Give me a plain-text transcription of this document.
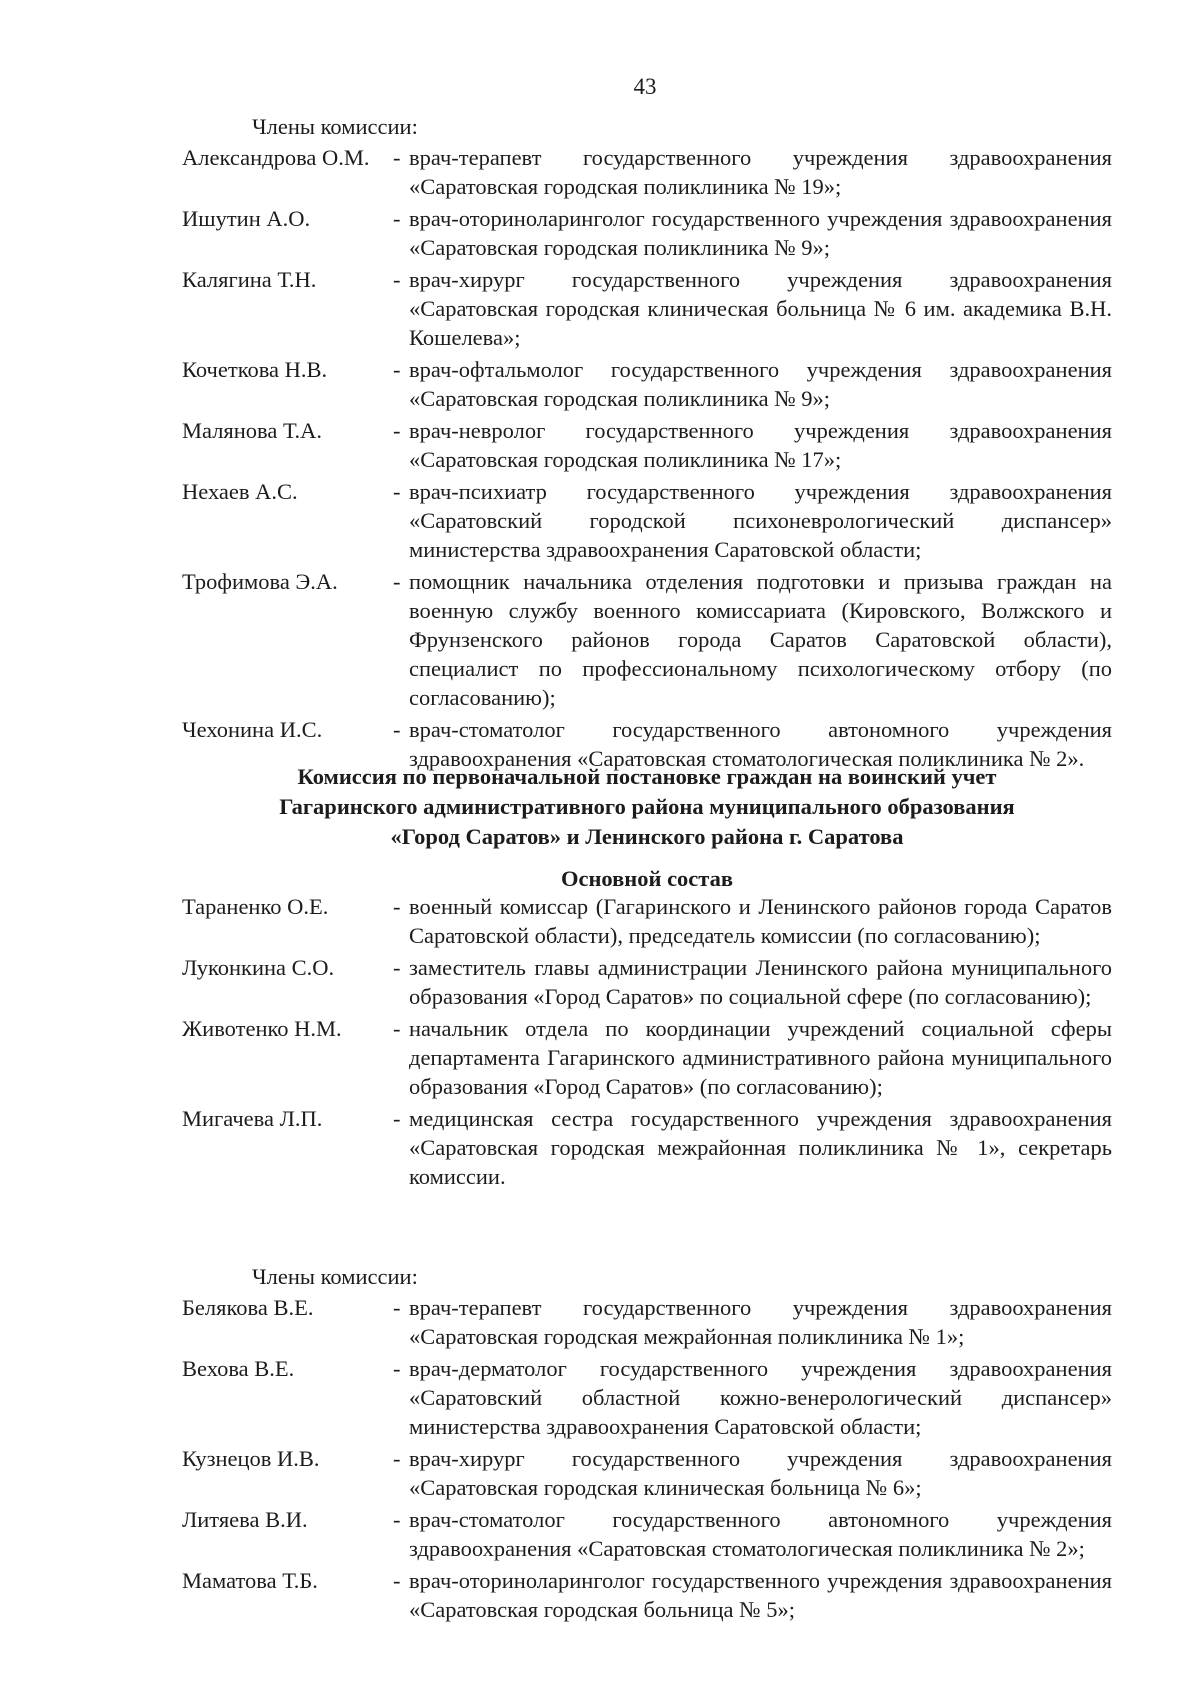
43
Члены комиссии:
Александрова О.М.	- врач-терапевт государственного учреждения здравоохранения «Саратовская городская поликлиника № 19»;
Ишутин А.О.	- врач-оториноларинголог государственного учреждения здравоохранения «Саратовская городская поликлиника № 9»;
Калягина Т.Н.	- врач-хирург государственного учреждения здравоохранения «Саратовская городская клиническая больница № 6 им. академика В.Н. Кошелева»;
Кочеткова Н.В.	- врач-офтальмолог государственного учреждения здравоохранения «Саратовская городская поликлиника № 9»;
Малянова Т.А.	- врач-невролог государственного учреждения здравоохранения «Саратовская городская поликлиника № 17»;
Нехаев А.С.	- врач-психиатр государственного учреждения здравоохранения «Саратовский городской психоневрологический диспансер» министерства здравоохранения Саратовской области;
Трофимова Э.А.	- помощник начальника отделения подготовки и призыва граждан на военную службу военного комиссариата (Кировского, Волжского и Фрунзенского районов города Саратов Саратовской области), специалист по профессиональному психологическому отбору (по согласованию);
Чехонина И.С.	- врач-стоматолог государственного автономного учреждения здравоохранения «Саратовская стоматологическая поликлиника № 2».
Комиссия по первоначальной постановке граждан на воинский учет
Гагаринского административного района муниципального образования
«Город Саратов» и Ленинского района г. Саратова
Основной состав
Тараненко О.Е.	- военный комиссар (Гагаринского и Ленинского районов города Саратов Саратовской области), председатель комиссии (по согласованию);
Луконкина С.О.	- заместитель главы администрации Ленинского района муниципального образования «Город Саратов» по социальной сфере (по согласованию);
Животенко Н.М.	- начальник отдела по координации учреждений социальной сферы департамента Гагаринского административного района муниципального образования «Город Саратов» (по согласованию);
Мигачева Л.П.	- медицинская сестра государственного учреждения здравоохранения «Саратовская городская межрайонная поликлиника № 1», секретарь комиссии.
Члены комиссии:
Белякова В.Е.	- врач-терапевт государственного учреждения здравоохранения «Саратовская городская межрайонная поликлиника № 1»;
Вехова В.Е.	- врач-дерматолог государственного учреждения здравоохранения «Саратовский областной кожно-венерологический диспансер» министерства здравоохранения Саратовской области;
Кузнецов И.В.	- врач-хирург государственного учреждения здравоохранения «Саратовская городская клиническая больница № 6»;
Литяева В.И.	- врач-стоматолог государственного автономного учреждения здравоохранения «Саратовская стоматологическая поликлиника № 2»;
Маматова Т.Б.	- врач-оториноларинголог государственного учреждения здравоохранения «Саратовская городская больница № 5»;
